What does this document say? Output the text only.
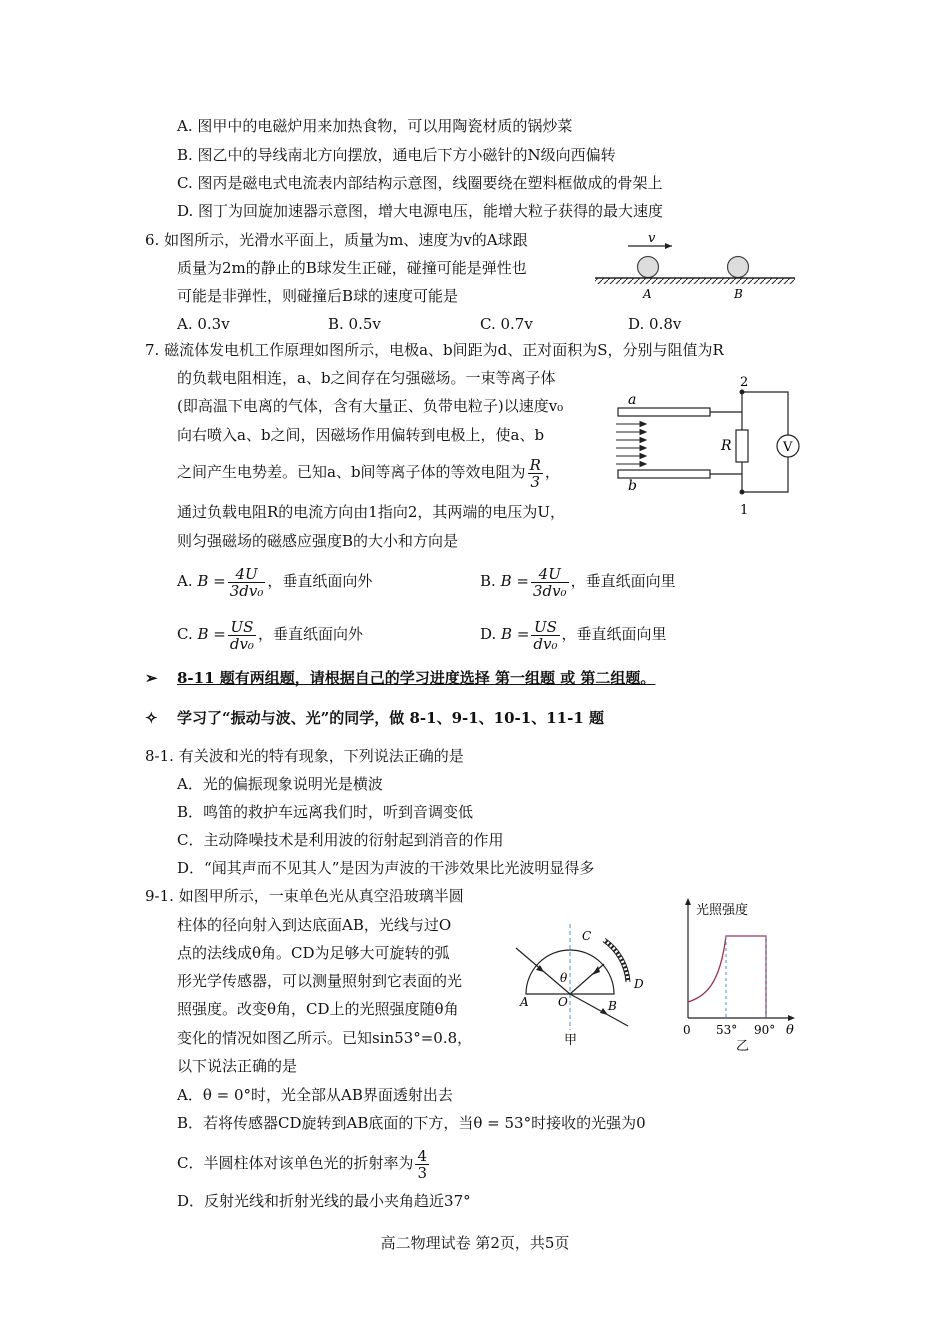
A. 图甲中的电磁炉用来加热食物，可以用陶瓷材质的锅炒菜
B. 图乙中的导线南北方向摆放，通电后下方小磁针的N级向西偏转
C. 图丙是磁电式电流表内部结构示意图，线圈要绕在塑料框做成的骨架上
D. 图丁为回旋加速器示意图，增大电源电压，能增大粒子获得的最大速度
6. 如图所示，光滑水平面上，质量为m、速度为v的A球跟
质量为2m的静止的B球发生正碰，碰撞可能是弹性也
可能是非弹性，则碰撞后B球的速度可能是
A. 0.3v	B. 0.5v	C. 0.7v	D. 0.8v
v
A	B
7. 磁流体发电机工作原理如图所示，电极a、b间距为d、正对面积为S，分别与阻值为R
的负载电阻相连，a、b之间存在匀强磁场。一束等离子体
(即高温下电离的气体，含有大量正、负带电粒子)以速度v₀
向右喷入a、b之间，因磁场作用偏转到电极上，使a、b
之间产生电势差。已知a、b间等离子体的等效电阻为 $\frac{R}{3}$ ，
通过负载电阻R的电流方向由1指向2，其两端的电压为U，
则匀强磁场的磁感应强度B的大小和方向是
A. $B = \frac{4U}{\text{3dv₀}}$ ，垂直纸面向外	B. $B = \frac{4U}{\text{3dv₀}}$ ，垂直纸面向里
C. $B = \frac{US}{\text{dv₀}}$ ，垂直纸面向外	D. $B = \frac{US}{\text{dv₀}}$ ，垂直纸面向里
2
1
a
b
R	V
➢ 8-11 题有两组题，请根据自己的学习进度选择 第一组题 或 第二组题。
✧ 学习了“振动与波、光”的同学，做 8-1、9-1、10-1、11-1 题
8-1. 有关波和光的特有现象，下列说法正确的是
A．光的偏振现象说明光是横波
B．鸣笛的救护车远离我们时，听到音调变低
C．主动降噪技术是利用波的衍射起到消音的作用
D．“闻其声而不见其人”是因为声波的干涉效果比光波明显得多
9-1. 如图甲所示，一束单色光从真空沿玻璃半圆
柱体的径向射入到达底面AB，光线与过O
点的法线成θ角。CD为足够大可旋转的弧
形光学传感器，可以测量照射到它表面的光
照强度。改变θ角，CD上的光照强度随θ角
变化的情况如图乙所示。已知sin53°=0.8，
以下说法正确的是
A．θ = 0°时，光全部从AB界面透射出去
B．若将传感器CD旋转到AB底面的下方，当θ = 53°时接收的光强为0
C．半圆柱体对该单色光的折射率为 $\frac{4}{3}$
D．反射光线和折射光线的最小夹角趋近37°
C
D
A O	B
θ
甲
光照强度
0 53° 90° θ
乙
高二物理试卷 第2页，共5页
